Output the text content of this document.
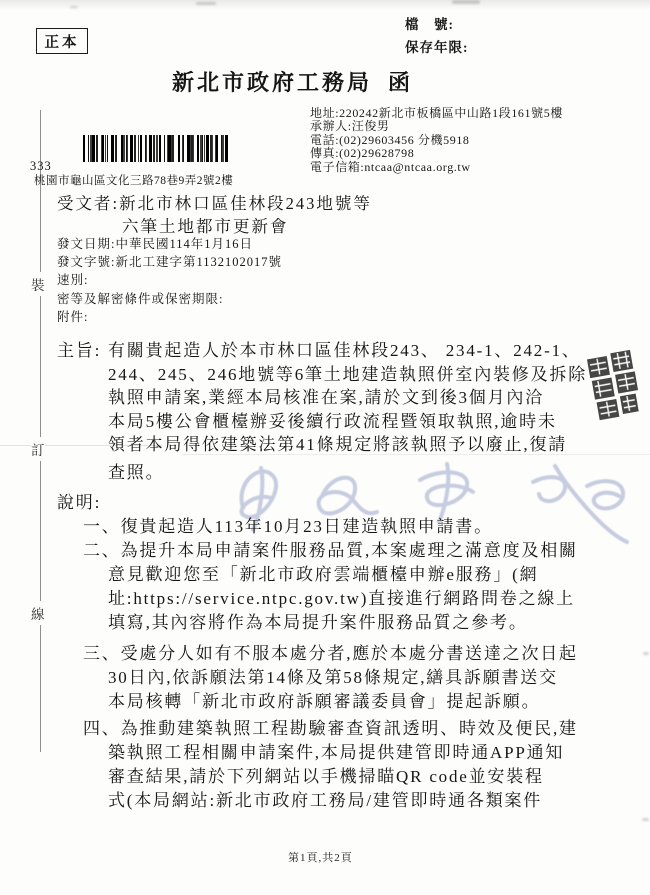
裝
訂
線
正本
檔　號:
保存年限:
新北市政府工務局 函
地址:220242新北市板橋區中山路1段161號5樓
承辦人:汪俊男
電話:(02)29603456 分機5918
傳真:(02)29628798
電子信箱:ntcaa@ntcaa.org.tw
333
桃園市龜山區文化三路78巷9弄2號2樓
受文者:新北市林口區佳林段243地號等
六筆土地都市更新會
發文日期:中華民國114年1月16日
發文字號:新北工建字第1132102017號
速別:
密等及解密條件或保密期限:
附件:
主旨: 有關貴起造人於本市林口區佳林段243、 234-1、242-1、
244、245、246地號等6筆土地建造執照併室內裝修及拆除
執照申請案,業經本局核准在案,請於文到後3個月內洽
本局5樓公會櫃檯辦妥後續行政流程暨領取執照,逾時未
領者本局得依建築法第41條規定將該執照予以廢止,復請
查照。
說明:
一、復貴起造人113年10月23日建造執照申請書。
二、為提升本局申請案件服務品質,本案處理之滿意度及相關
意見歡迎您至「新北市政府雲端櫃檯申辦e服務」(網
址:https://service.ntpc.gov.tw)直接進行網路問卷之線上
填寫,其內容將作為本局提升案件服務品質之參考。
三、受處分人如有不服本處分者,應於本處分書送達之次日起
30日內,依訴願法第14條及第58條規定,繕具訴願書送交
本局核轉「新北市政府訴願審議委員會」提起訴願。
四、為推動建築執照工程勘驗審查資訊透明、時效及便民,建
築執照工程相關申請案件,本局提供建管即時通APP通知
審查結果,請於下列網站以手機掃瞄QR code並安裝程
式(本局網站:新北市政府工務局/建管即時通各類案件
第1頁,共2頁
